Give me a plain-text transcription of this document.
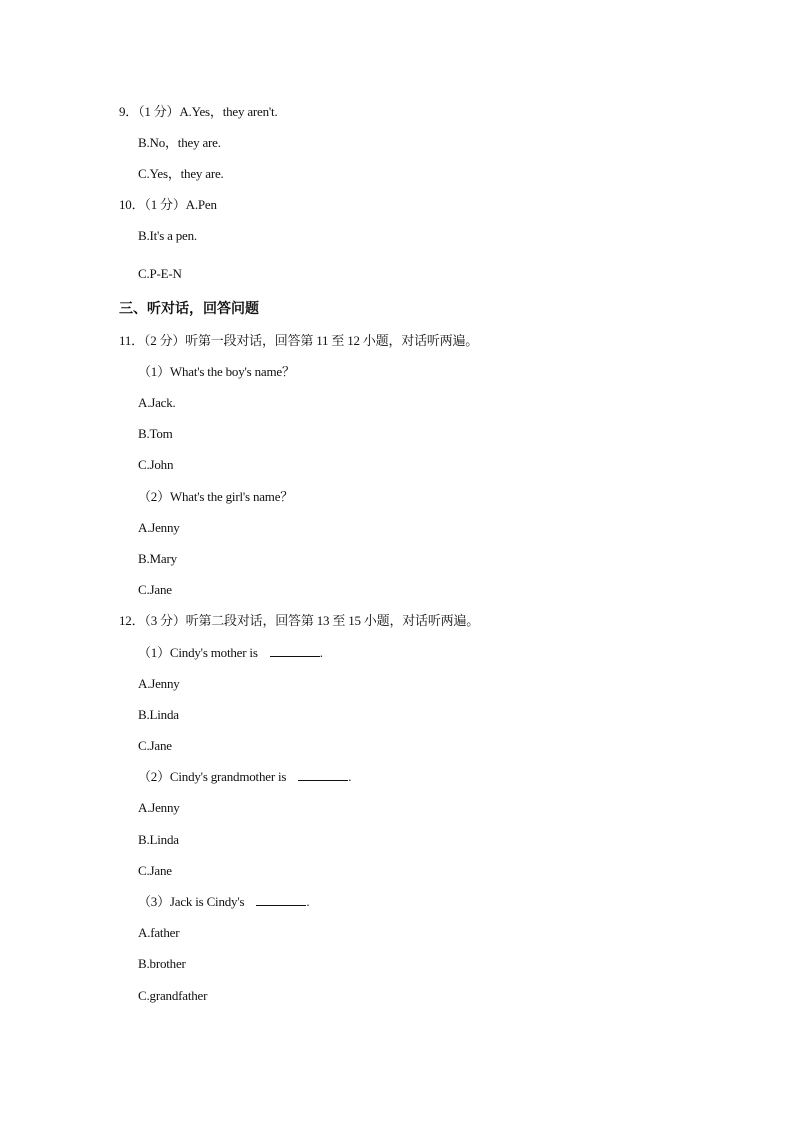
9．（1 分）A.Yes，they aren't.
B.No，they are.
C.Yes，they are.
10．（1 分）A.Pen
B.It's a pen.
C.P-E-N
三、听对话，回答问题
11．（2 分）听第一段对话，回答第 11 至 12 小题，对话听两遍。
（1）What's the boy's name？
A.Jack.
B.Tom
C.John
（2）What's the girl's name？
A.Jenny
B.Mary
C.Jane
12．（3 分）听第二段对话，回答第 13 至 15 小题，对话听两遍。
（1）Cindy's mother is	.
A.Jenny
B.Linda
C.Jane
（2）Cindy's grandmother is	.
A.Jenny
B.Linda
C.Jane
（3）Jack is Cindy's	.
A.father
B.brother
C.grandfather
